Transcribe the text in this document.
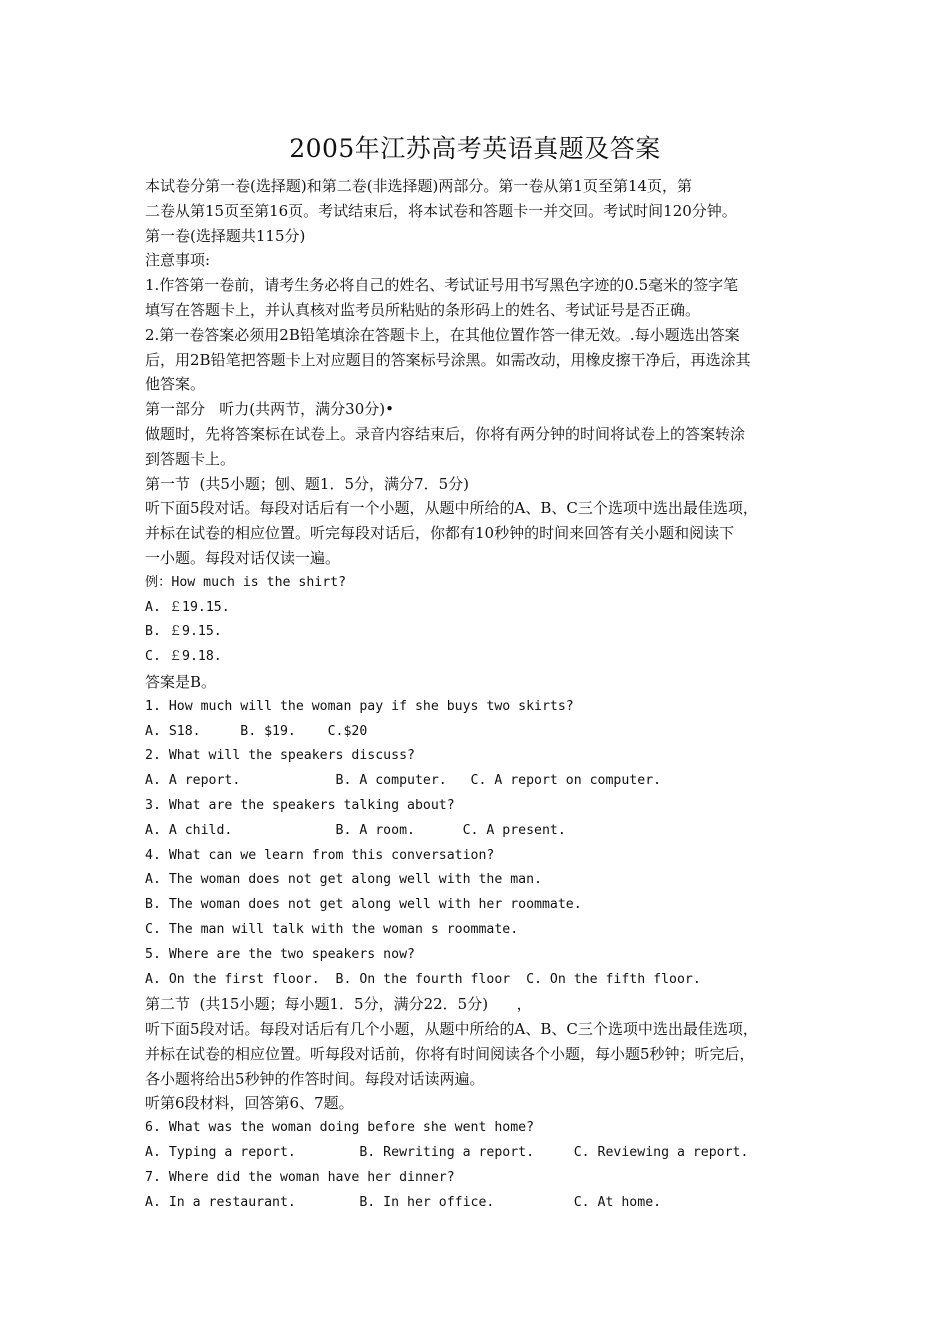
2005年江苏高考英语真题及答案
本试卷分第一卷(选择题)和第二卷(非选择题)两部分。第一卷从第1页至第14页，第
二卷从第15页至第16页。考试结束后，将本试卷和答题卡一并交回。考试时间120分钟。
第一卷(选择题共115分)
注意事项:
1.作答第一卷前，请考生务必将自己的姓名、考试证号用书写黑色字迹的0.5毫米的签字笔
填写在答题卡上，并认真核对监考员所粘贴的条形码上的姓名、考试证号是否正确。
2.第一卷答案必须用2B铅笔填涂在答题卡上，在其他位置作答一律无效。.每小题选出答案
后，用2B铅笔把答题卡上对应题目的答案标号涂黑。如需改动，用橡皮擦干净后，再选涂其
他答案。
第一部分   听力(共两节，满分30分)•
做题时，先将答案标在试卷上。录音内容结束后，你将有两分钟的时间将试卷上的答案转涂
到答题卡上。
第一节  (共5小题；刨、题1．5分，满分7．5分)
听下面5段对话。每段对话后有一个小题，从题中所给的A、B、C三个选项中选出最佳选项，
并标在试卷的相应位置。听完每段对话后，你都有10秒钟的时间来回答有关小题和阅读下
一小题。每段对话仅读一遍。
例：How much is the shirt?
A. ￡19.15.
B. ￡9.15.
C. ￡9.18.
答案是B。
1. How much will the woman pay if she buys two skirts?
A. S18.     B. $19.    C.$20
2. What will the speakers discuss?
A. A report.            B. A computer.   C. A report on computer.
3. What are the speakers talking about?
A. A child.             B. A room.      C. A present.
4. What can we learn from this conversation?
A. The woman does not get along well with the man.
B. The woman does not get along well with her roommate.
C. The man will talk with the woman s roommate.
5. Where are the two speakers now?
A. On the first floor.  B. On the fourth floor  C. On the fifth floor.
第二节  (共15小题；每小题1．5分，满分22．5分)      ，
听下面5段对话。每段对话后有几个小题，从题中所给的A、B、C三个选项中选出最佳选项，
并标在试卷的相应位置。听每段对话前，你将有时间阅读各个小题，每小题5秒钟；听完后，
各小题将给出5秒钟的作答时间。每段对话读两遍。
听第6段材料，回答第6、7题。
6. What was the woman doing before she went home?
A. Typing a report.        B. Rewriting a report.     C. Reviewing a report.
7. Where did the woman have her dinner?
A. In a restaurant.        B. In her office.          C. At home.
